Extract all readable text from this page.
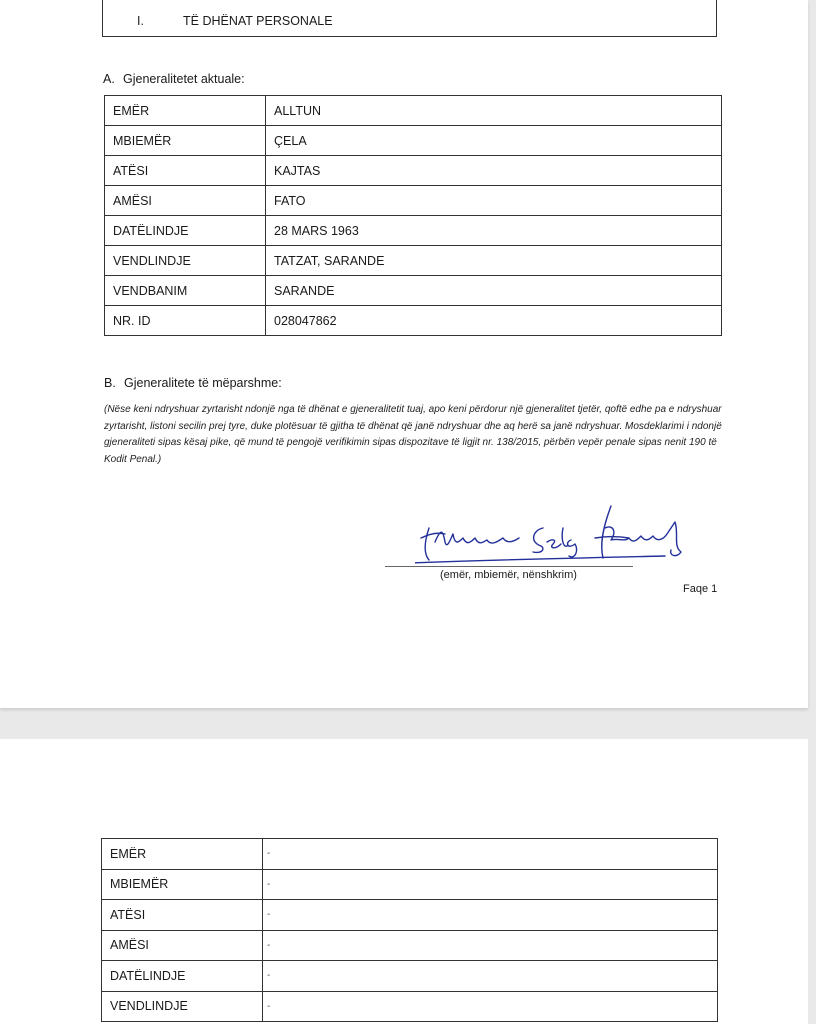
I.	TË DHËNAT PERSONALE
A. Gjeneralitetet aktuale:
EMËR	ALLTUN
MBIEMËR	ÇELA
ATËSI	KAJTAS
AMËSI	FATO
DATËLINDJE	28 MARS 1963
VENDLINDJE	TATZAT, SARANDE
VENDBANIM	SARANDE
NR. ID	028047862
B. Gjeneralitete të mëparshme:
(Nëse keni ndryshuar zyrtarisht ndonjë nga të dhënat e gjeneralitetit tuaj, apo keni përdorur një gjeneralitet tjetër, qoftë edhe pa e ndryshuar zyrtarisht, listoni secilin prej tyre, duke plotësuar të gjitha të dhënat që janë ndryshuar dhe aq herë sa janë ndryshuar. Mosdeklarimi i ndonjë gjeneraliteti sipas kësaj pike, që mund të pengojë verifikimin sipas dispozitave të ligjit nr. 138/2015, përbën vepër penale sipas nenit 190 të Kodit Penal.)
(emër, mbiemër, nënshkrim)
Faqe 1
EMËR	-
MBIEMËR	-
ATËSI	-
AMËSI	-
DATËLINDJE	-
VENDLINDJE	-
